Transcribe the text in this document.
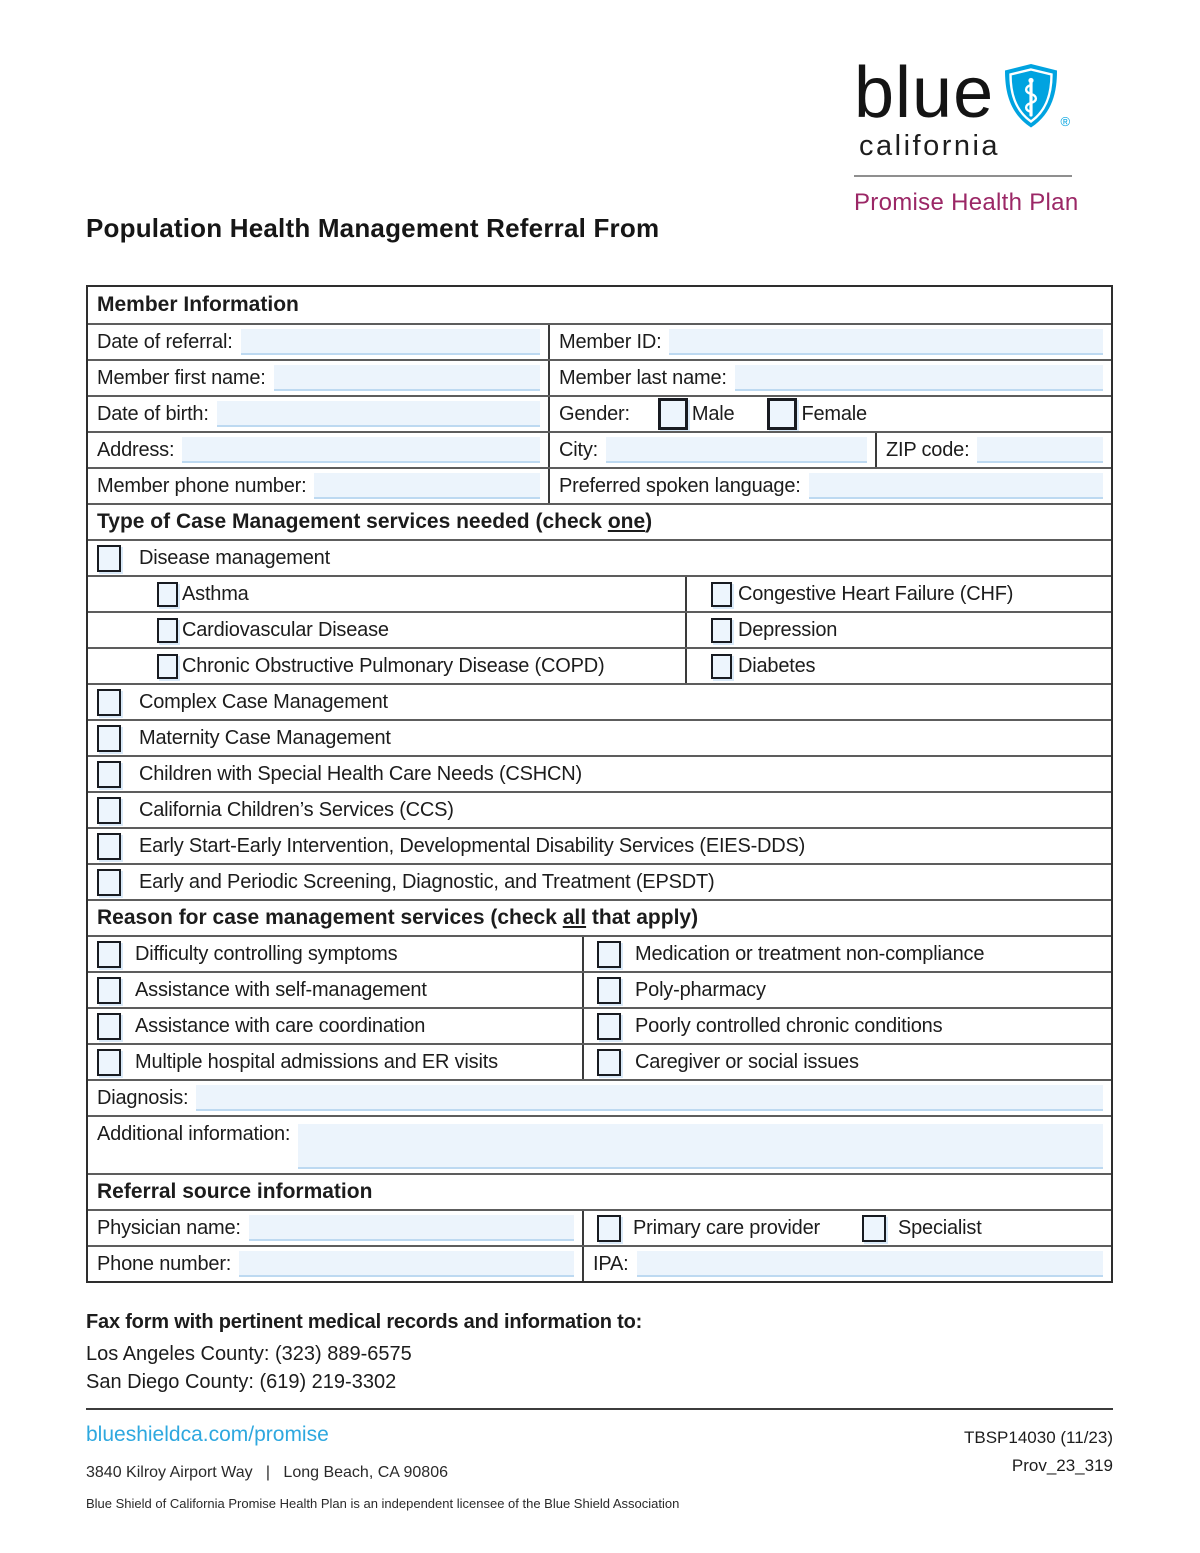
blue	®
california
Promise Health Plan
Population Health Management Referral From
Member Information
Date of referral:	Member ID:
Member first name:	Member last name:
Date of birth:	Gender:	Male	Female
Address:	City:	ZIP code:
Member phone number:	Preferred spoken language:
Type of Case Management services needed (check one)
Disease management
Asthma	Congestive Heart Failure (CHF)
Cardiovascular Disease	Depression
Chronic Obstructive Pulmonary Disease (COPD)	Diabetes
Complex Case Management
Maternity Case Management
Children with Special Health Care Needs (CSHCN)
California Children’s Services (CCS)
Early Start-Early Intervention, Developmental Disability Services (EIES-DDS)
Early and Periodic Screening, Diagnostic, and Treatment (EPSDT)
Reason for case management services (check all that apply)
Difficulty controlling symptoms	Medication or treatment non-compliance
Assistance with self-management	Poly-pharmacy
Assistance with care coordination	Poorly controlled chronic conditions
Multiple hospital admissions and ER visits	Caregiver or social issues
Diagnosis:
Additional information:
Referral source information
Physician name:	Primary care provider	Specialist
Phone number:	IPA:
Fax form with pertinent medical records and information to:
Los Angeles County: (323) 889-6575
San Diego County: (619) 219-3302
blueshieldca.com/promise	TBSP14030 (11/23)
Prov_23_319
3840 Kilroy Airport Way   |   Long Beach, CA 90806
Blue Shield of California Promise Health Plan is an independent licensee of the Blue Shield Association
